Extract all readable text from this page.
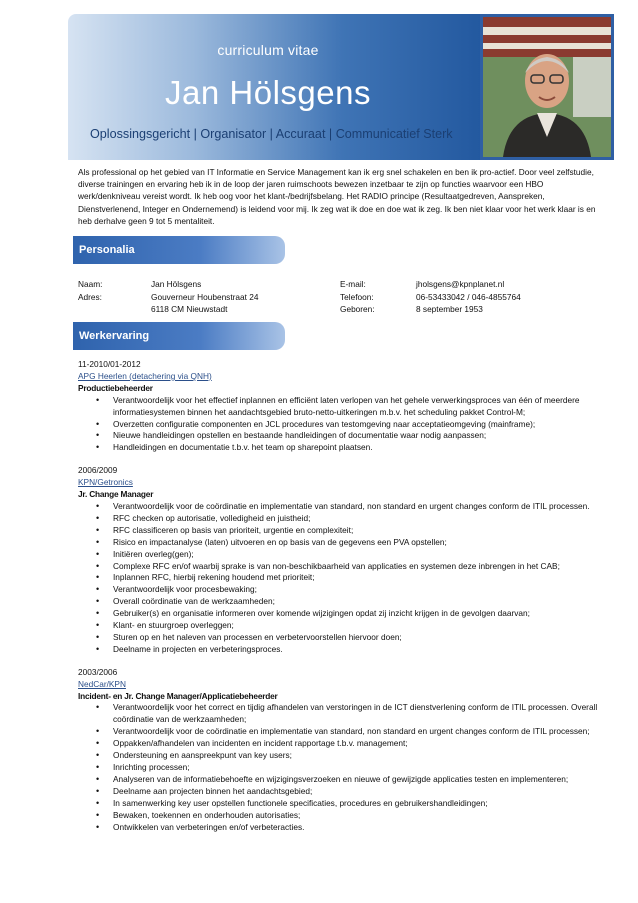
curriculum vitae
Jan Hölsgens
Oplossingsgericht | Organisator | Accuraat | Communicatief Sterk
Als professional op het gebied van IT Informatie en Service Management kan ik erg snel schakelen en ben ik pro-actief. Door veel zelfstudie, diverse trainingen en ervaring heb ik in de loop der jaren ruimschoots bewezen inzetbaar te zijn op functies waarvoor een HBO werk/denkniveau vereist wordt. Ik heb oog voor het klant-/bedrijfsbelang. Het RADIO principe (Resultaatgedreven, Aanspreken, Dienstverlenend, Integer en Ondernemend) is leidend voor mij. Ik zeg wat ik doe en doe wat ik zeg. Ik ben niet klaar voor het werk klaar is en heb derhalve geen 9 tot 5 mentaliteit.
Personalia
Naam:	Jan Hölsgens
Adres:	Gouverneur Houbenstraat 24
6118 CM Nieuwstadt
E-mail:	jholsgens@kpnplanet.nl
Telefoon:	06-53433042 / 046-4855764
Geboren:	8 september 1953
Werkervaring
11-2010/01-2012
APG Heerlen (detachering via QNH)
Productiebeheerder
• Verantwoordelijk voor het effectief inplannen en efficiënt laten verlopen van het gehele verwerkingsproces van één of meerdere informatiesystemen binnen het aandachtsgebied bruto-netto-uitkeringen m.b.v. het scheduling pakket Control-M;
• Overzetten configuratie componenten en JCL procedures van testomgeving naar acceptatieomgeving (mainframe);
• Nieuwe handleidingen opstellen en bestaande handleidingen of documentatie waar nodig aanpassen;
• Handleidingen en documentatie t.b.v. het team op sharepoint plaatsen.
2006/2009
KPN/Getronics
Jr. Change Manager
• Verantwoordelijk voor de coördinatie en implementatie van standard, non standard en urgent changes conform de ITIL processen.
• RFC checken op autorisatie, volledigheid en juistheid;
• RFC classificeren op basis van prioriteit, urgentie en complexiteit;
• Risico en impactanalyse (laten) uitvoeren en op basis van de gegevens een PVA opstellen;
• Initiëren overleg(gen);
• Complexe RFC en/of waarbij sprake is van non-beschikbaarheid van applicaties en systemen deze inbrengen in het CAB;
• Inplannen RFC, hierbij rekening houdend met prioriteit;
• Verantwoordelijk voor procesbewaking;
• Overall coördinatie van de werkzaamheden;
• Gebruiker(s) en organisatie informeren over komende wijzigingen opdat zij inzicht krijgen in de gevolgen daarvan;
• Klant- en stuurgroep overleggen;
• Sturen op en het naleven van processen en verbetervoorstellen hiervoor doen;
• Deelname in projecten en verbeteringsproces.
2003/2006
NedCar/KPN
Incident- en Jr. Change Manager/Applicatiebeheerder
• Verantwoordelijk voor het correct en tijdig afhandelen van verstoringen in de ICT dienstverlening conform de ITIL processen. Overall coördinatie van de werkzaamheden;
• Verantwoordelijk voor de coördinatie en implementatie van standard, non standard en urgent changes conform de ITIL processen;
• Oppakken/afhandelen van incidenten en incident rapportage t.b.v. management;
• Ondersteuning en aanspreekpunt van key users;
• Inrichting processen;
• Analyseren van de informatiebehoefte en wijzigingsverzoeken en nieuwe of gewijzigde applicaties testen en implementeren;
• Deelname aan projecten binnen het aandachtsgebied;
• In samenwerking key user opstellen functionele specificaties, procedures en gebruikershandleidingen;
• Bewaken, toekennen en onderhouden autorisaties;
• Ontwikkelen van verbeteringen en/of verbeteracties.
